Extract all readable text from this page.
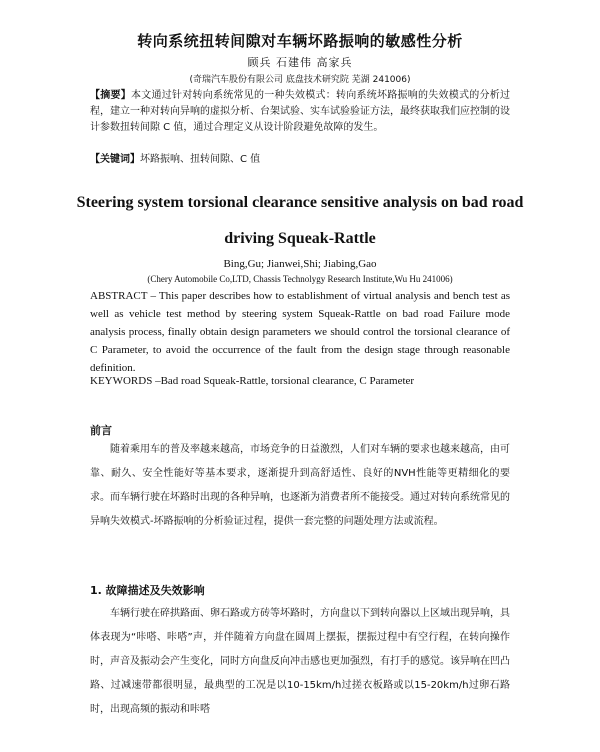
转向系统扭转间隙对车辆坏路振响的敏感性分析
顾兵 石建伟 高家兵
(奇瑞汽车股份有限公司 底盘技术研究院 芜湖 241006)
【摘要】本文通过针对转向系统常见的一种失效模式：转向系统坏路振响的失效模式的分析过程，建立一种对转向异响的虚拟分析、台架试验、实车试验验证方法，最终获取我们应控制的设计参数扭转间隙 C 值，通过合理定义从设计阶段避免故障的发生。
【关键词】坏路振响、扭转间隙、C 值
Steering system torsional clearance sensitive analysis on bad road driving Squeak-Rattle
Bing,Gu; Jianwei,Shi; Jiabing,Gao
(Chery Automobile Co,LTD, Chassis Technolygy Research Institute,Wu Hu 241006)
ABSTRACT – This paper describes how to establishment of virtual analysis and bench test as well as vehicle test method by steering system Squeak-Rattle on bad road Failure mode analysis process, finally obtain design parameters we should control the torsional clearance of C Parameter, to avoid the occurrence of the fault from the design stage through reasonable definition.
KEYWORDS –Bad road Squeak-Rattle, torsional clearance, C Parameter
前言
随着乘用车的普及率越来越高，市场竞争的日益激烈，人们对车辆的要求也越来越高，由可靠、耐久、安全性能好等基本要求，逐渐提升到高舒适性、良好的NVH性能等更精细化的要求。而车辆行驶在坏路时出现的各种异响，也逐渐为消费者所不能接受。通过对转向系统常见的异响失效模式-坏路振响的分析验证过程，提供一套完整的问题处理方法或流程。
1. 故障描述及失效影响
车辆行驶在碎拱路面、卵石路或方砖等坏路时，方向盘以下到转向器以上区域出现异响，具体表现为“咔嗒、咔嗒”声，并伴随着方向盘在圆周上摆振，摆振过程中有空行程，在转向操作时，声音及振动会产生变化，同时方向盘反向冲击感也更加强烈，有打手的感觉。该异响在凹凸路、过减速带都很明显，最典型的工况是以10-15km/h过搓衣板路或以15-20km/h过卵石路时，出现高频的振动和咔嗒
